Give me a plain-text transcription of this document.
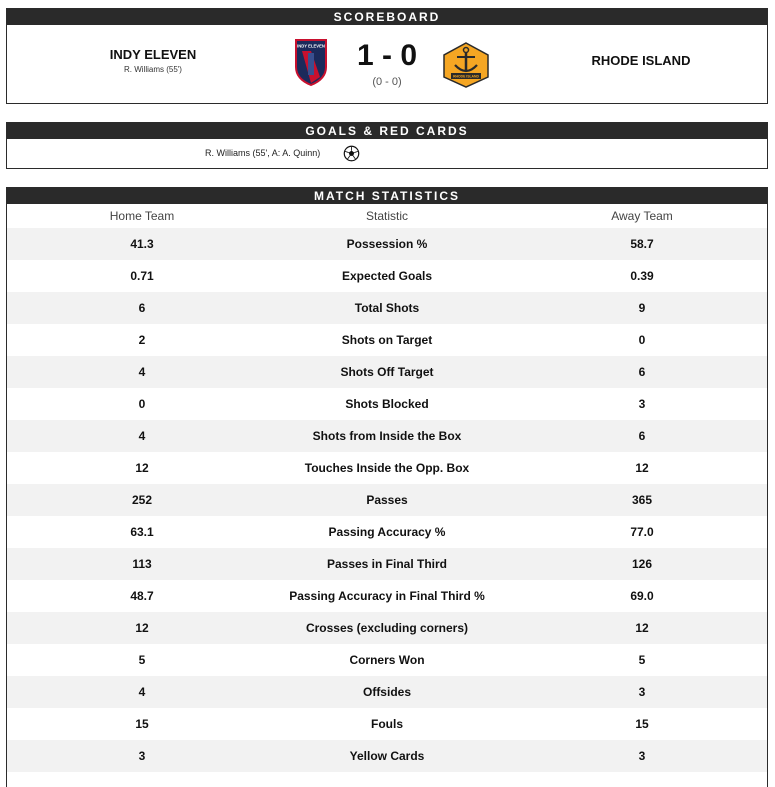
SCOREBOARD
INDY ELEVEN
R. Williams (55')
INDY ELEVEN	1 - 0
(0 - 0)	RHODE ISLAND
RHODE ISLAND
GOALS & RED CARDS
R. Williams (55', A: A. Quinn)
MATCH STATISTICS
Home Team	Statistic	Away Team
41.3	Possession %	58.7
0.71	Expected Goals	0.39
6	Total Shots	9
2	Shots on Target	0
4	Shots Off Target	6
0	Shots Blocked	3
4	Shots from Inside the Box	6
12	Touches Inside the Opp. Box	12
252	Passes	365
63.1	Passing Accuracy %	77.0
113	Passes in Final Third	126
48.7	Passing Accuracy in Final Third %	69.0
12	Crosses (excluding corners)	12
5	Corners Won	5
4	Offsides	3
15	Fouls	15
3	Yellow Cards	3
